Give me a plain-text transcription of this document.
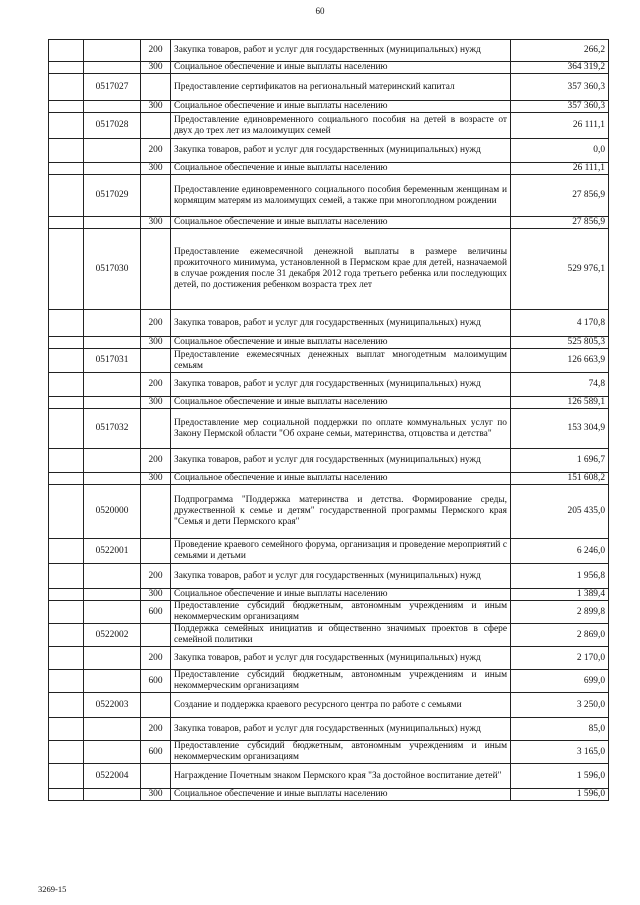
60
		200	Закупка товаров, работ и услуг для государственных (муниципальных) нужд	266,2
		300	Социальное обеспечение и иные выплаты населению	364 319,2
	0517027		Предоставление сертификатов на региональный материнский капитал	357 360,3
		300	Социальное обеспечение и иные выплаты населению	357 360,3
	0517028		Предоставление единовременного социального пособия на детей в возрасте от двух до трех лет из малоимущих семей	26 111,1
		200	Закупка товаров, работ и услуг для государственных (муниципальных) нужд	0,0
		300	Социальное обеспечение и иные выплаты населению	26 111,1
	0517029		Предоставление единовременного социального пособия беременным женщинам и кормящим матерям из малоимущих семей, а также при многоплодном рождении	27 856,9
		300	Социальное обеспечение и иные выплаты населению	27 856,9
	0517030		Предоставление ежемесячной денежной выплаты в размере величины прожиточного минимума, установленной в Пермском крае для детей, назначаемой в случае рождения после 31 декабря 2012 года третьего ребенка или последующих детей, по достижения ребенком возраста трех лет	529 976,1
		200	Закупка товаров, работ и услуг для государственных (муниципальных) нужд	4 170,8
		300	Социальное обеспечение и иные выплаты населению	525 805,3
	0517031		Предоставление ежемесячных денежных выплат многодетным малоимущим семьям	126 663,9
		200	Закупка товаров, работ и услуг для государственных (муниципальных) нужд	74,8
		300	Социальное обеспечение и иные выплаты населению	126 589,1
	0517032		Предоставление мер социальной поддержки по оплате коммунальных услуг по Закону Пермской области "Об охране семьи, материнства, отцовства и детства"	153 304,9
		200	Закупка товаров, работ и услуг для государственных (муниципальных) нужд	1 696,7
		300	Социальное обеспечение и иные выплаты населению	151 608,2
	0520000		Подпрограмма "Поддержка материнства и детства. Формирование среды, дружественной к семье и детям" государственной программы Пермского края "Семья и дети Пермского края"	205 435,0
	0522001		Проведение краевого семейного форума, организация и проведение мероприятий с семьями и детьми	6 246,0
		200	Закупка товаров, работ и услуг для государственных (муниципальных) нужд	1 956,8
		300	Социальное обеспечение и иные выплаты населению	1 389,4
		600	Предоставление субсидий бюджетным, автономным учреждениям и иным некоммерческим организациям	2 899,8
	0522002		Поддержка семейных инициатив и общественно значимых проектов в сфере семейной политики	2 869,0
		200	Закупка товаров, работ и услуг для государственных (муниципальных) нужд	2 170,0
		600	Предоставление субсидий бюджетным, автономным учреждениям и иным некоммерческим организациям	699,0
	0522003		Создание и поддержка краевого ресурсного центра по работе с семьями	3 250,0
		200	Закупка товаров, работ и услуг для государственных (муниципальных) нужд	85,0
		600	Предоставление субсидий бюджетным, автономным учреждениям и иным некоммерческим организациям	3 165,0
	0522004		Награждение Почетным знаком Пермского края "За достойное воспитание детей"	1 596,0
		300	Социальное обеспечение и иные выплаты населению	1 596,0
3269-15
